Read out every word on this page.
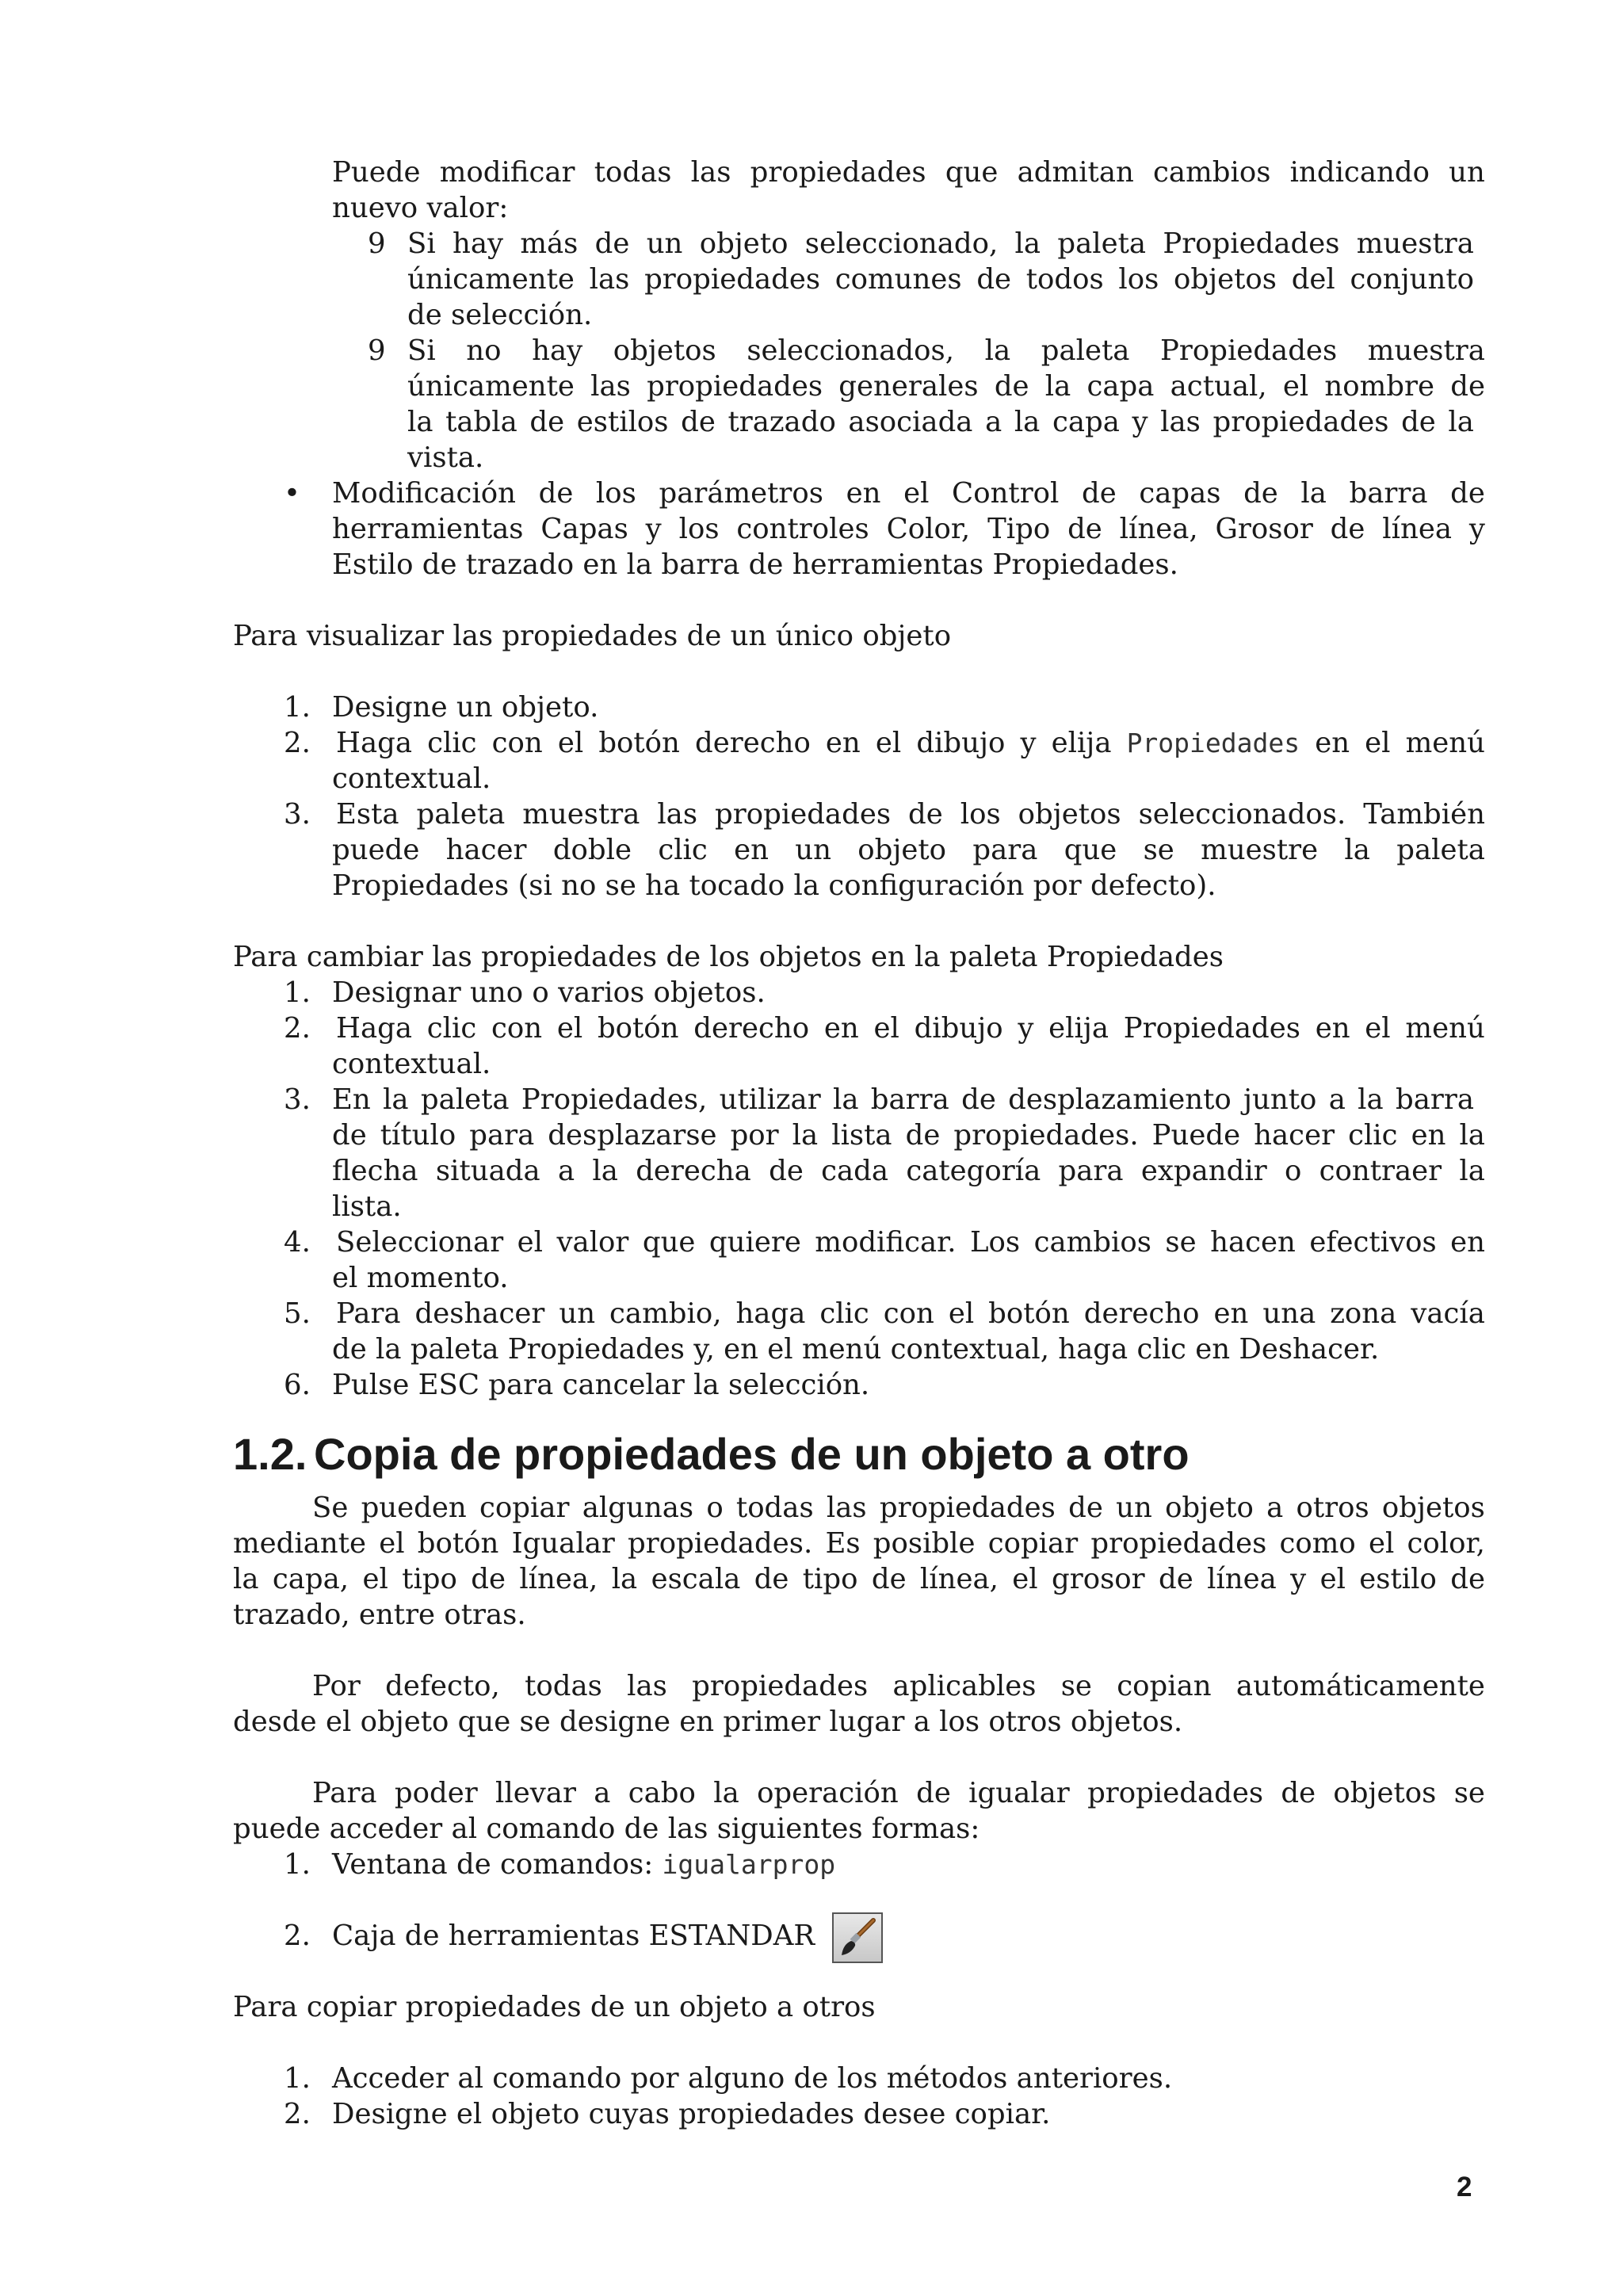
Puede modificar todas las propiedades que admitan cambios indicando un
nuevo valor:
9 Si hay más de un objeto seleccionado, la paleta Propiedades muestra
únicamente las propiedades comunes de todos los objetos del conjunto
de selección.
9 Si no hay objetos seleccionados, la paleta Propiedades muestra
únicamente las propiedades generales de la capa actual, el nombre de
la tabla de estilos de trazado asociada a la capa y las propiedades de la
vista.
• Modificación de los parámetros en el Control de capas de la barra de
herramientas Capas y los controles Color, Tipo de línea, Grosor de línea y
Estilo de trazado en la barra de herramientas Propiedades.
Para visualizar las propiedades de un único objeto
1. Designe un objeto.
2. Haga clic con el botón derecho en el dibujo y elija Propiedades en el menú
contextual.
3. Esta paleta muestra las propiedades de los objetos seleccionados. También
puede hacer doble clic en un objeto para que se muestre la paleta
Propiedades (si no se ha tocado la configuración por defecto).
Para cambiar las propiedades de los objetos en la paleta Propiedades
1. Designar uno o varios objetos.
2. Haga clic con el botón derecho en el dibujo y elija Propiedades en el menú
contextual.
3. En la paleta Propiedades, utilizar la barra de desplazamiento junto a la barra
de título para desplazarse por la lista de propiedades. Puede hacer clic en la
flecha situada a la derecha de cada categoría para expandir o contraer la
lista.
4. Seleccionar el valor que quiere modificar. Los cambios se hacen efectivos en
el momento.
5. Para deshacer un cambio, haga clic con el botón derecho en una zona vacía
de la paleta Propiedades y, en el menú contextual, haga clic en Deshacer.
6. Pulse ESC para cancelar la selección.
1.2. Copia de propiedades de un objeto a otro
Se pueden copiar algunas o todas las propiedades de un objeto a otros objetos
mediante el botón Igualar propiedades. Es posible copiar propiedades como el color,
la capa, el tipo de línea, la escala de tipo de línea, el grosor de línea y el estilo de
trazado, entre otras.
Por defecto, todas las propiedades aplicables se copian automáticamente
desde el objeto que se designe en primer lugar a los otros objetos.
Para poder llevar a cabo la operación de igualar propiedades de objetos se
puede acceder al comando de las siguientes formas:
1. Ventana de comandos: igualarprop
2. Caja de herramientas ESTANDAR
Para copiar propiedades de un objeto a otros
1. Acceder al comando por alguno de los métodos anteriores.
2. Designe el objeto cuyas propiedades desee copiar.
2
